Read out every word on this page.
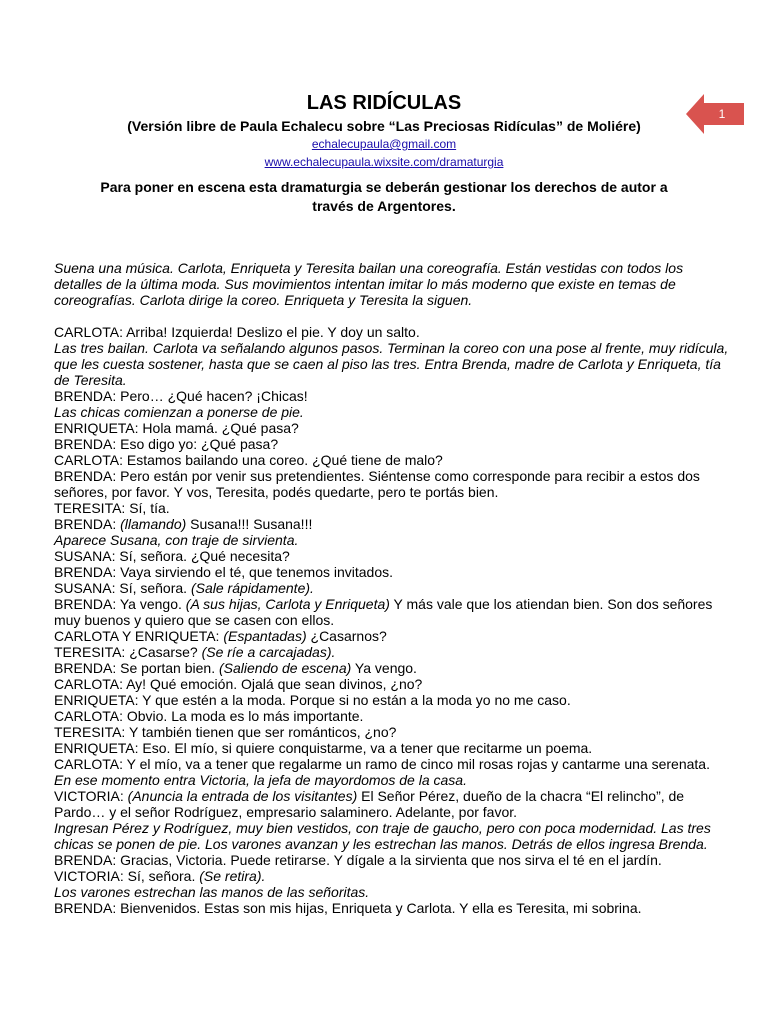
1
LAS RIDÍCULAS
(Versión libre de Paula Echalecu sobre “Las Preciosas Ridículas” de Moliére)
echalecupaula@gmail.com
www.echalecupaula.wixsite.com/dramaturgia
Para poner en escena esta dramaturgia se deberán gestionar los derechos de autor a través de Argentores.

Suena una música. Carlota, Enriqueta y Teresita bailan una coreografía. Están vestidas con todos los detalles de la última moda. Sus movimientos intentan imitar lo más moderno que existe en temas de coreografías. Carlota dirige la coreo. Enriqueta y Teresita la siguen.

CARLOTA: Arriba! Izquierda! Deslizo el pie. Y doy un salto.

Las tres bailan. Carlota va señalando algunos pasos. Terminan la coreo con una pose al frente, muy ridícula, que les cuesta sostener, hasta que se caen al piso las tres. Entra Brenda, madre de Carlota y Enriqueta, tía de Teresita.

BRENDA: Pero… ¿Qué hacen? ¡Chicas!

Las chicas comienzan a ponerse de pie.

ENRIQUETA: Hola mamá. ¿Qué pasa?

BRENDA: Eso digo yo: ¿Qué pasa?

CARLOTA: Estamos bailando una coreo. ¿Qué tiene de malo?

BRENDA: Pero están por venir sus pretendientes. Siéntense como corresponde para recibir a estos dos señores, por favor. Y vos, Teresita, podés quedarte, pero te portás bien.

TERESITA: Sí, tía.

BRENDA: (llamando) Susana!!! Susana!!!

Aparece Susana, con traje de sirvienta.

SUSANA: Sí, señora. ¿Qué necesita?

BRENDA: Vaya sirviendo el té, que tenemos invitados.

SUSANA: Sí, señora. (Sale rápidamente).

BRENDA: Ya vengo. (A sus hijas, Carlota y Enriqueta) Y más vale que los atiendan bien. Son dos señores muy buenos y quiero que se casen con ellos.

CARLOTA Y ENRIQUETA: (Espantadas) ¿Casarnos?

TERESITA: ¿Casarse? (Se ríe a carcajadas).

BRENDA: Se portan bien. (Saliendo de escena) Ya vengo.

CARLOTA: Ay! Qué emoción. Ojalá que sean divinos, ¿no?

ENRIQUETA: Y que estén a la moda. Porque si no están a la moda yo no me caso.

CARLOTA: Obvio. La moda es lo más importante.

TERESITA: Y también tienen que ser románticos, ¿no?

ENRIQUETA: Eso. El mío, si quiere conquistarme, va a tener que recitarme un poema.

CARLOTA: Y el mío, va a tener que regalarme un ramo de cinco mil rosas rojas y cantarme una serenata.

En ese momento entra Victoria, la jefa de mayordomos de la casa.

VICTORIA: (Anuncia la entrada de los visitantes) El Señor Pérez, dueño de la chacra “El relincho”, de Pardo… y el señor Rodríguez, empresario salaminero. Adelante, por favor.

Ingresan Pérez y Rodríguez, muy bien vestidos, con traje de gaucho, pero con poca modernidad. Las tres chicas se ponen de pie. Los varones avanzan y les estrechan las manos. Detrás de ellos ingresa Brenda.

BRENDA: Gracias, Victoria. Puede retirarse. Y dígale a la sirvienta que nos sirva el té en el jardín.

VICTORIA: Sí, señora. (Se retira).

Los varones estrechan las manos de las señoritas.

BRENDA: Bienvenidos. Estas son mis hijas, Enriqueta y Carlota. Y ella es Teresita, mi sobrina.
